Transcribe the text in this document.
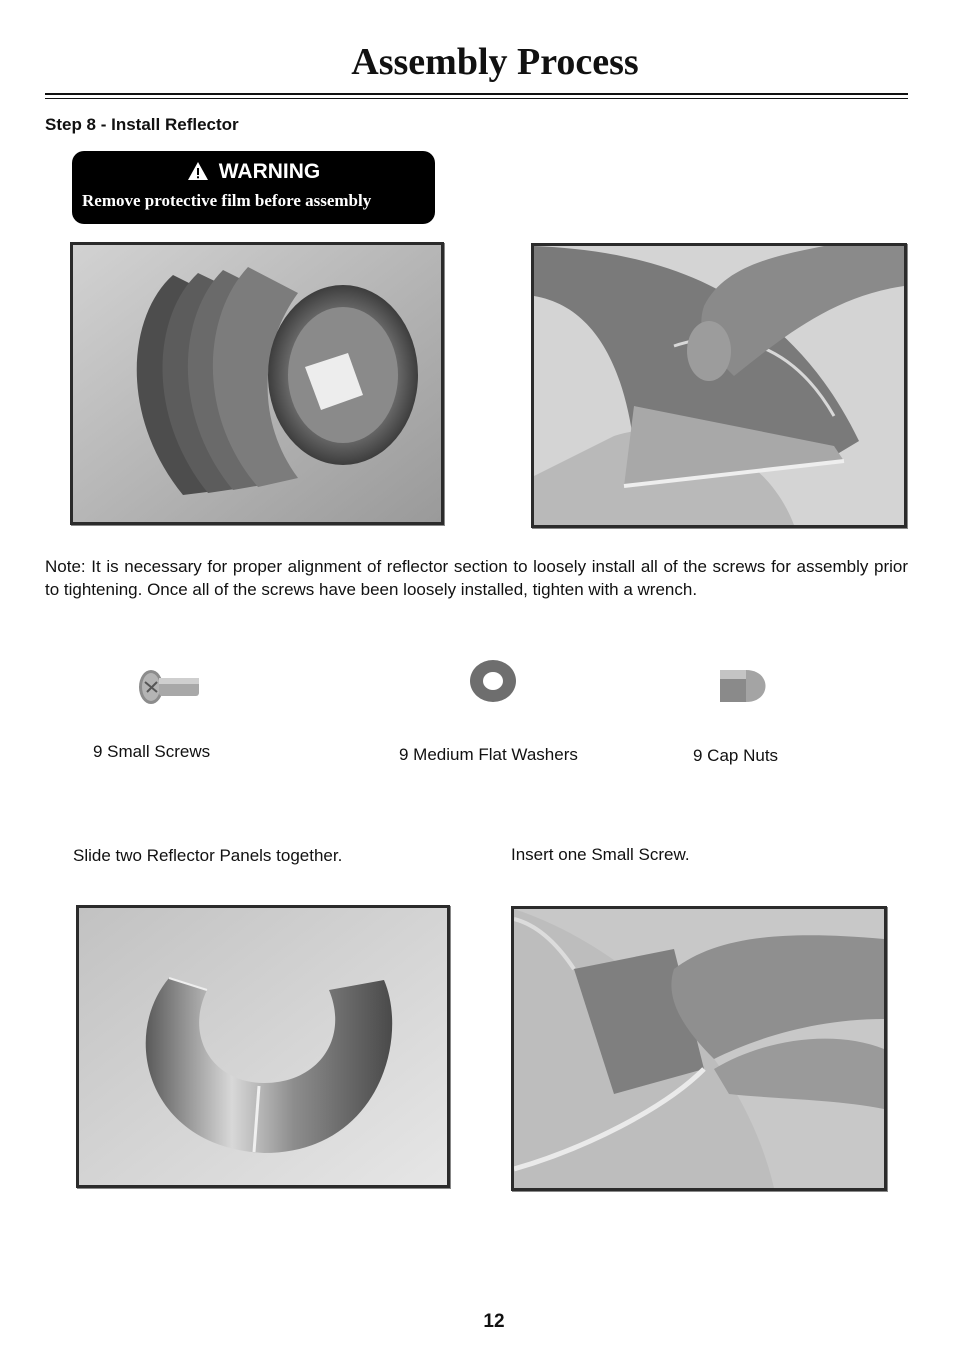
Assembly Process
Step 8 - Install Reflector
WARNING
Remove protective film before assembly
Note: It is necessary for proper alignment of reflector section to loosely install all of the screws for assembly prior to tightening. Once all of the screws have been loosely installed, tighten with a wrench.
9 Small Screws	9 Medium Flat Washers	9 Cap Nuts
Slide two Reflector Panels together.	Insert one Small Screw.
12
